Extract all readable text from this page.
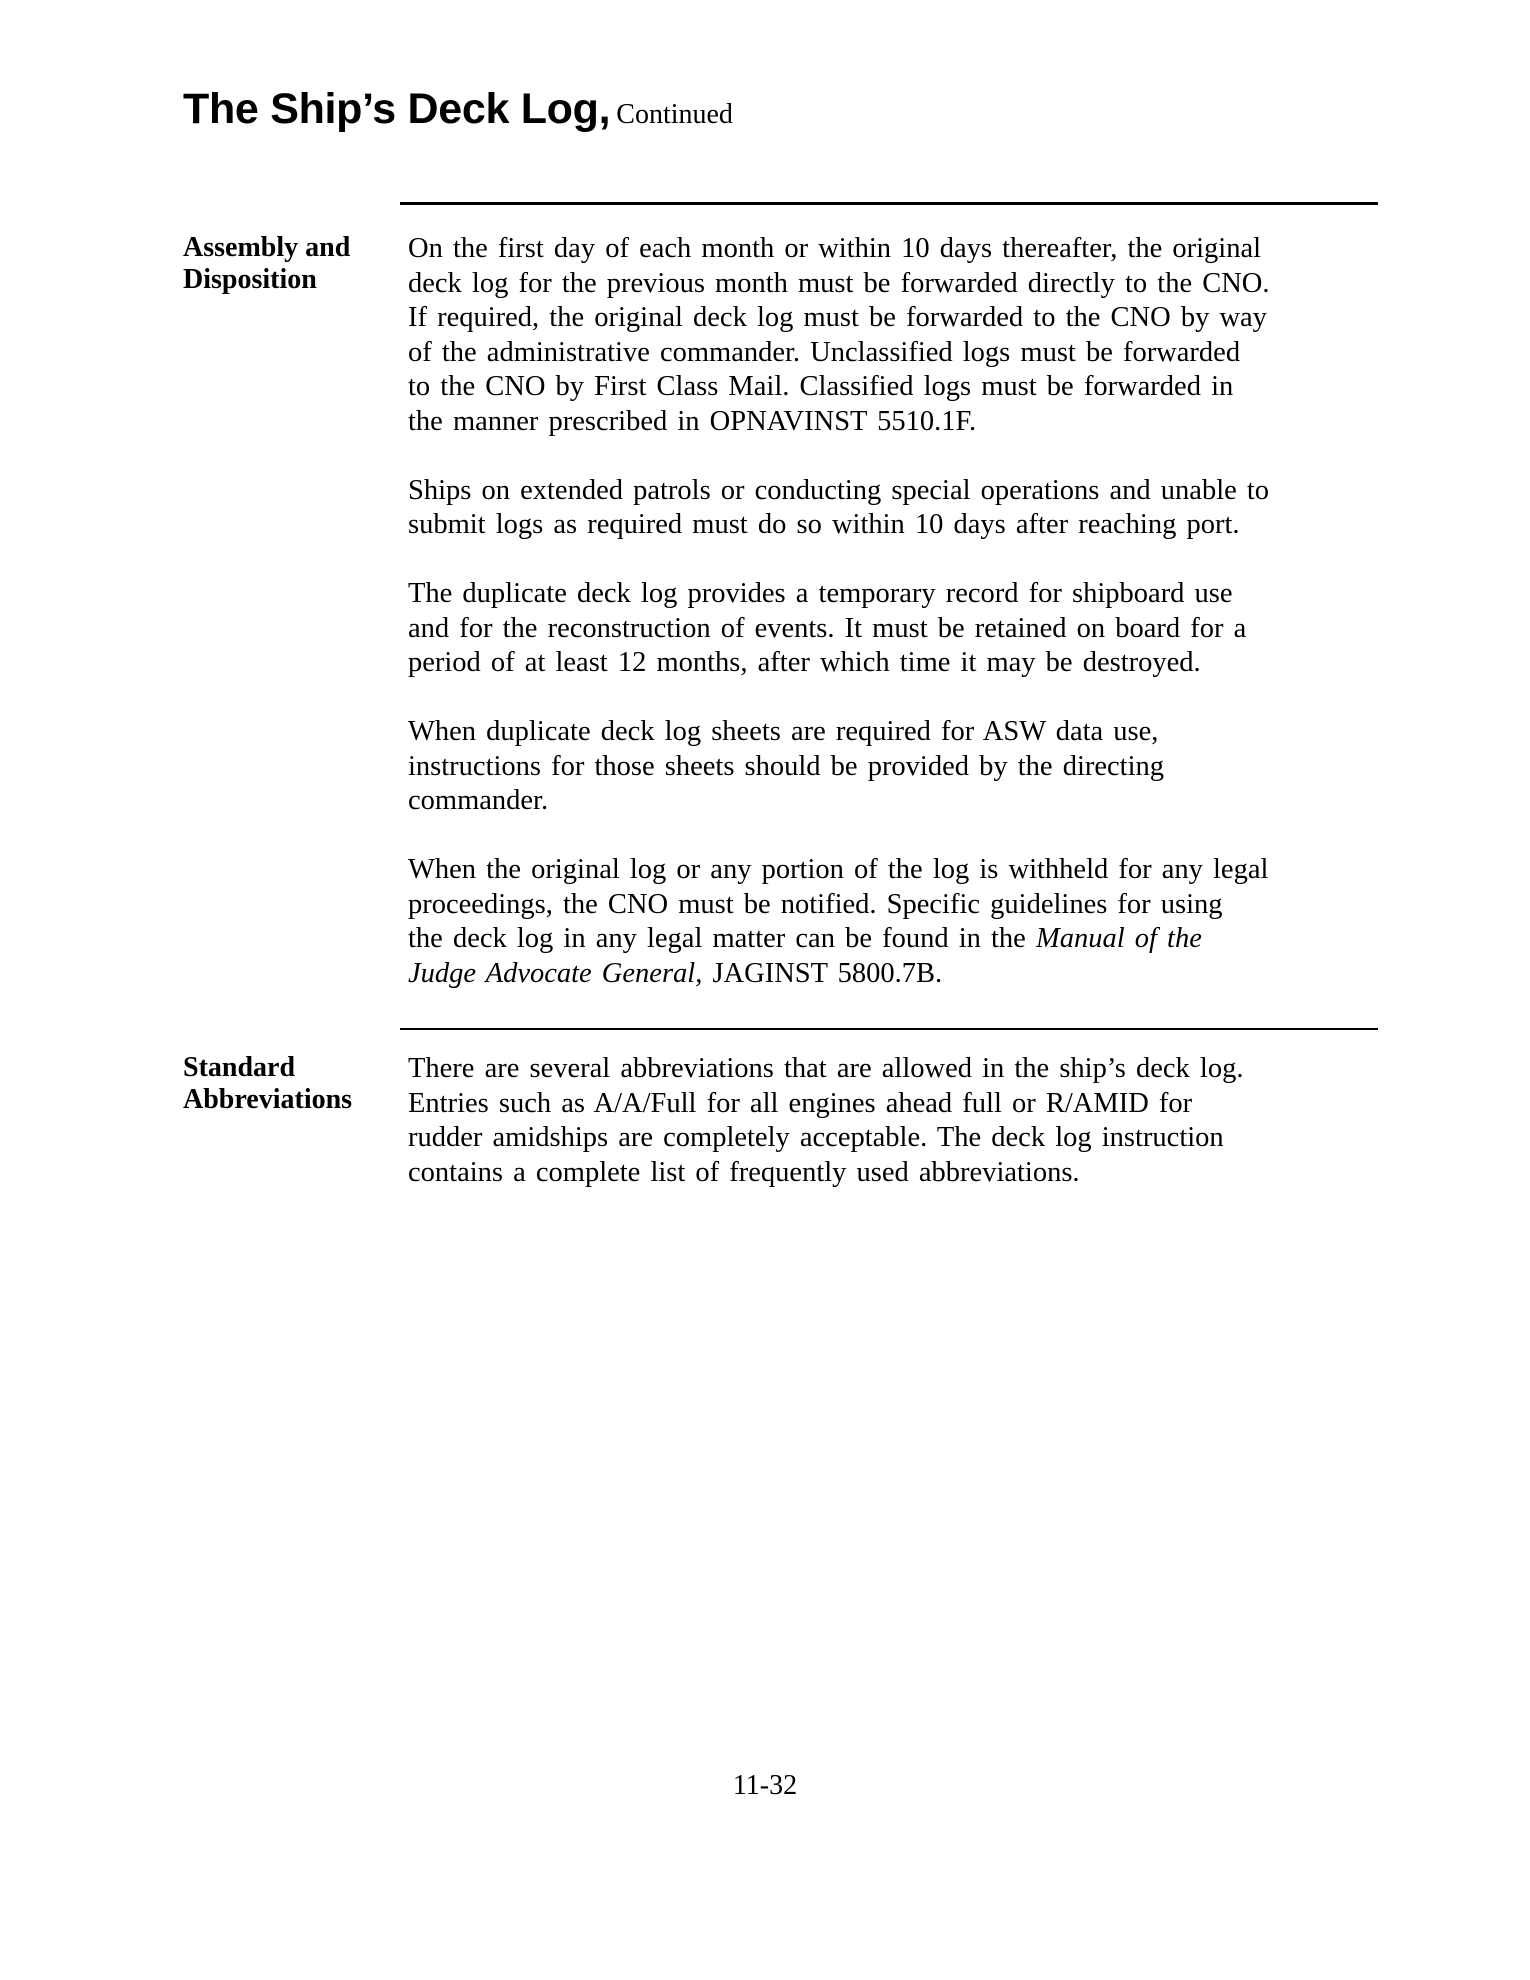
The Ship’s Deck Log, Continued
Assembly and
Disposition

On the first day of each month or within 10 days thereafter, the original
deck log for the previous month must be forwarded directly to the CNO.
If required, the original deck log must be forwarded to the CNO by way
of the administrative commander. Unclassified logs must be forwarded
to the CNO by First Class Mail. Classified logs must be forwarded in
the manner prescribed in OPNAVINST 5510.1F.

Ships on extended patrols or conducting special operations and unable to
submit logs as required must do so within 10 days after reaching port.

The duplicate deck log provides a temporary record for shipboard use
and for the reconstruction of events. It must be retained on board for a
period of at least 12 months, after which time it may be destroyed.

When duplicate deck log sheets are required for ASW data use,
instructions for those sheets should be provided by the directing
commander.

When the original log or any portion of the log is withheld for any legal
proceedings, the CNO must be notified. Specific guidelines for using
the deck log in any legal matter can be found in the Manual of the
Judge Advocate General, JAGINST 5800.7B.

Standard
Abbreviations

There are several abbreviations that are allowed in the ship’s deck log.
Entries such as A/A/Full for all engines ahead full or R/AMID for
rudder amidships are completely acceptable. The deck log instruction
contains a complete list of frequently used abbreviations.

11-32
